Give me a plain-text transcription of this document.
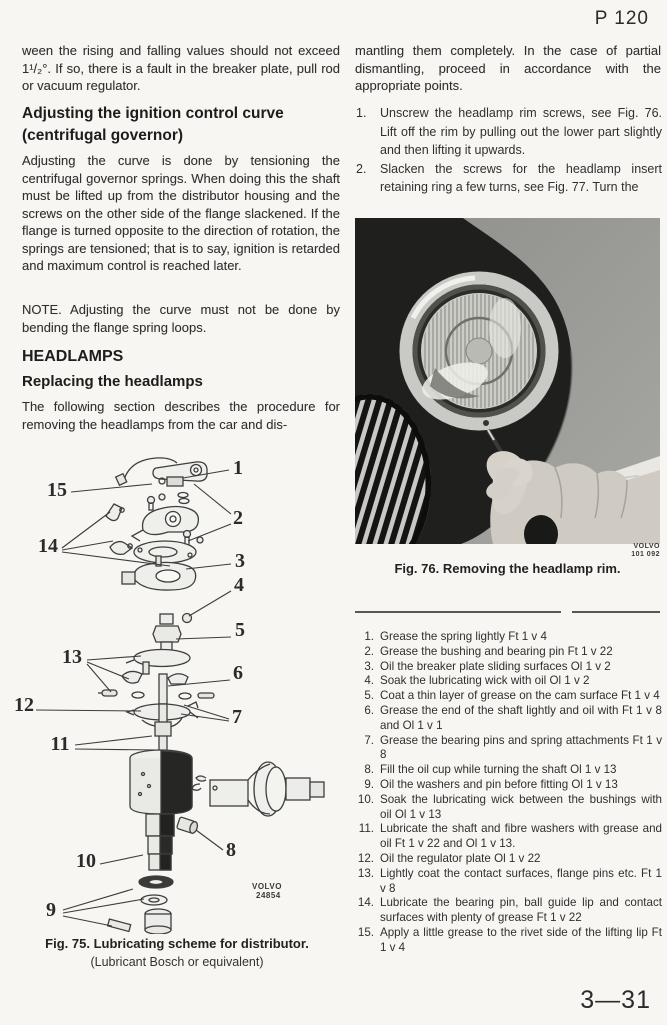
P 120

ween the rising and falling values should not exceed 1¹/₂°. If so, there is a fault in the breaker plate, pull rod or vacuum regulator.

Adjusting the ignition control curve
(centrifugal governor)

Adjusting the curve is done by tensioning the centrifugal governor springs. When doing this the shaft must be lifted up from the distributor housing and the screws on the other side of the flange slackened. If the flange is turned opposite to the direction of rotation, the springs are tensioned; that is to say, ignition is retarded and maximum control is reached later.

NOTE. Adjusting the curve must not be done by bending the flange spring loops.

HEADLAMPS
Replacing the headlamps

The following section describes the procedure for removing the headlamps from the car and dis-

1
15
2
14
3
4
5
13
6
12
7
11
8
10
9
VOLVO
24854
Fig. 75. Lubricating scheme for distributor.
(Lubricant Bosch or equivalent)

mantling them completely. In the case of partial dismantling, proceed in accordance with the appropriate points.

1.	Unscrew the headlamp rim screws, see Fig. 76. Lift off the rim by pulling out the lower part slightly and then lifting it upwards.
2.	Slacken the screws for the headlamp insert retaining ring a few turns, see Fig. 77. Turn the
VOLVO
101 092
Fig. 76. Removing the headlamp rim.
1. Grease the spring lightly Ft 1 v 4
2. Grease the bushing and bearing pin Ft 1 v 22
3. Oil the breaker plate sliding surfaces Ol 1 v 2
4. Soak the lubricating wick with oil Ol 1 v 2
5. Coat a thin layer of grease on the cam surface Ft 1 v 4
6. Grease the end of the shaft lightly and oil with Ft 1 v 8 and Ol 1 v 1
7. Grease the bearing pins and spring attachments Ft 1 v 8
8. Fill the oil cup while turning the shaft Ol 1 v 13
9. Oil the washers and pin before fitting Ol 1 v 13
10. Soak the lubricating wick between the bushings with oil Ol 1 v 13
11. Lubricate the shaft and fibre washers with grease and oil Ft 1 v 22 and Ol 1 v 13.
12. Oil the regulator plate Ol 1 v 22
13. Lightly coat the contact surfaces, flange pins etc. Ft 1 v 8
14. Lubricate the bearing pin, ball guide lip and contact surfaces with plenty of grease Ft 1 v 22
15. Apply a little grease to the rivet side of the lifting lip Ft 1 v 4
3—31
